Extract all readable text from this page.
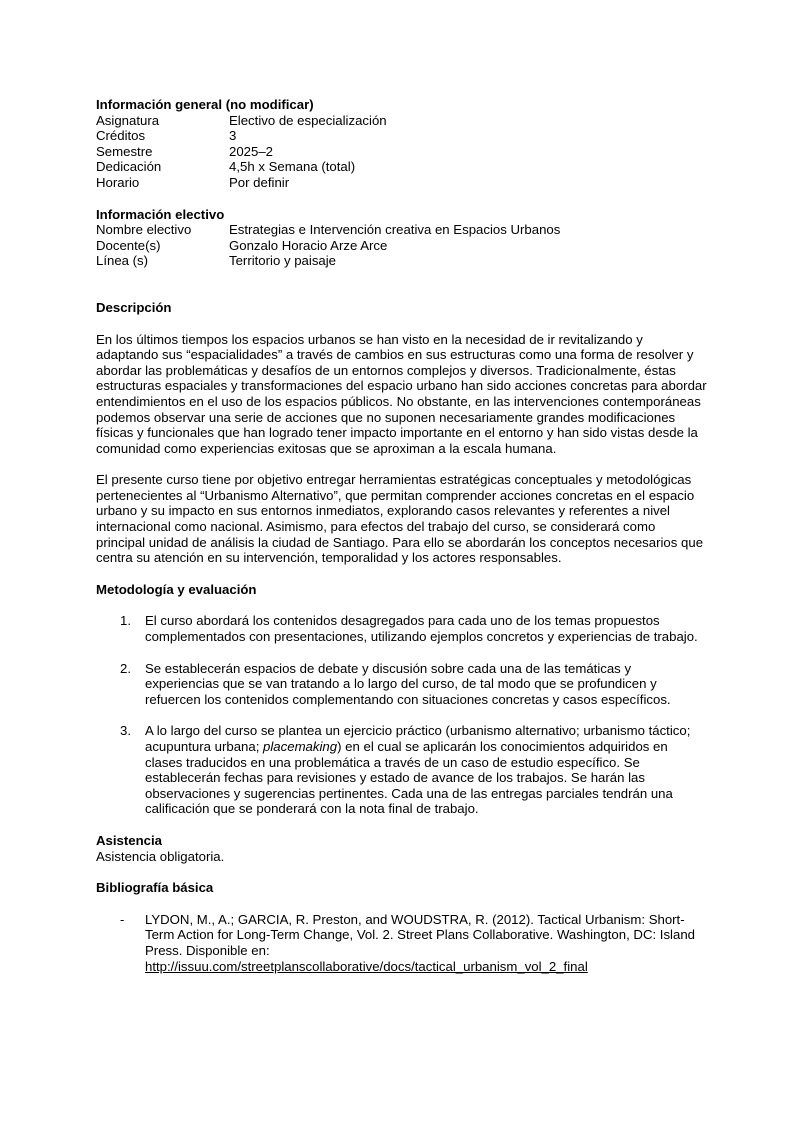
Información general (no modificar)
Asignatura	Electivo de especialización
Créditos	3
Semestre	2025–2
Dedicación	4,5h x Semana (total)
Horario	Por definir
Información electivo
Nombre electivo	Estrategias e Intervención creativa en Espacios Urbanos
Docente(s)	Gonzalo Horacio Arze Arce
Línea (s)	Territorio y paisaje
Descripción

En los últimos tiempos los espacios urbanos se han visto en la necesidad de ir revitalizando y adaptando sus “espacialidades” a través de cambios en sus estructuras como una forma de resolver y abordar las problemáticas y desafíos de un entornos complejos y diversos. Tradicionalmente, éstas estructuras espaciales y transformaciones del espacio urbano han sido acciones concretas para abordar entendimientos en el uso de los espacios públicos. No obstante, en las intervenciones contemporáneas podemos observar una serie de acciones que no suponen necesariamente grandes modificaciones físicas y funcionales que han logrado tener impacto importante en el entorno y han sido vistas desde la comunidad como experiencias exitosas que se aproximan a la escala humana.

El presente curso tiene por objetivo entregar herramientas estratégicas conceptuales y metodológicas pertenecientes al “Urbanismo Alternativo”, que permitan comprender acciones concretas en el espacio urbano y su impacto en sus entornos inmediatos, explorando casos relevantes y referentes a nivel internacional como nacional. Asimismo, para efectos del trabajo del curso, se considerará como principal unidad de análisis la ciudad de Santiago. Para ello se abordarán los conceptos necesarios que centra su atención en su intervención, temporalidad y los actores responsables.

Metodología y evaluación
1.	El curso abordará los contenidos desagregados para cada uno de los temas propuestos complementados con presentaciones, utilizando ejemplos concretos y experiencias de trabajo.
2.	Se establecerán espacios de debate y discusión sobre cada una de las temáticas y experiencias que se van tratando a lo largo del curso, de tal modo que se profundicen y refuercen los contenidos complementando con situaciones concretas y casos específicos.
3.	A lo largo del curso se plantea un ejercicio práctico (urbanismo alternativo; urbanismo táctico; acupuntura urbana; placemaking) en el cual se aplicarán los conocimientos adquiridos en clases traducidos en una problemática a través de un caso de estudio específico. Se establecerán fechas para revisiones y estado de avance de los trabajos. Se harán las observaciones y sugerencias pertinentes. Cada una de las entregas parciales tendrán una calificación que se ponderará con la nota final de trabajo.
Asistencia
Asistencia obligatoria.
Bibliografía básica
-	LYDON, M., A.; GARCIA, R. Preston, and WOUDSTRA, R. (2012). Tactical Urbanism: Short-Term Action for Long-Term Change, Vol. 2. Street Plans Collaborative. Washington, DC: Island Press. Disponible en:
http://issuu.com/streetplanscollaborative/docs/tactical_urbanism_vol_2_final
